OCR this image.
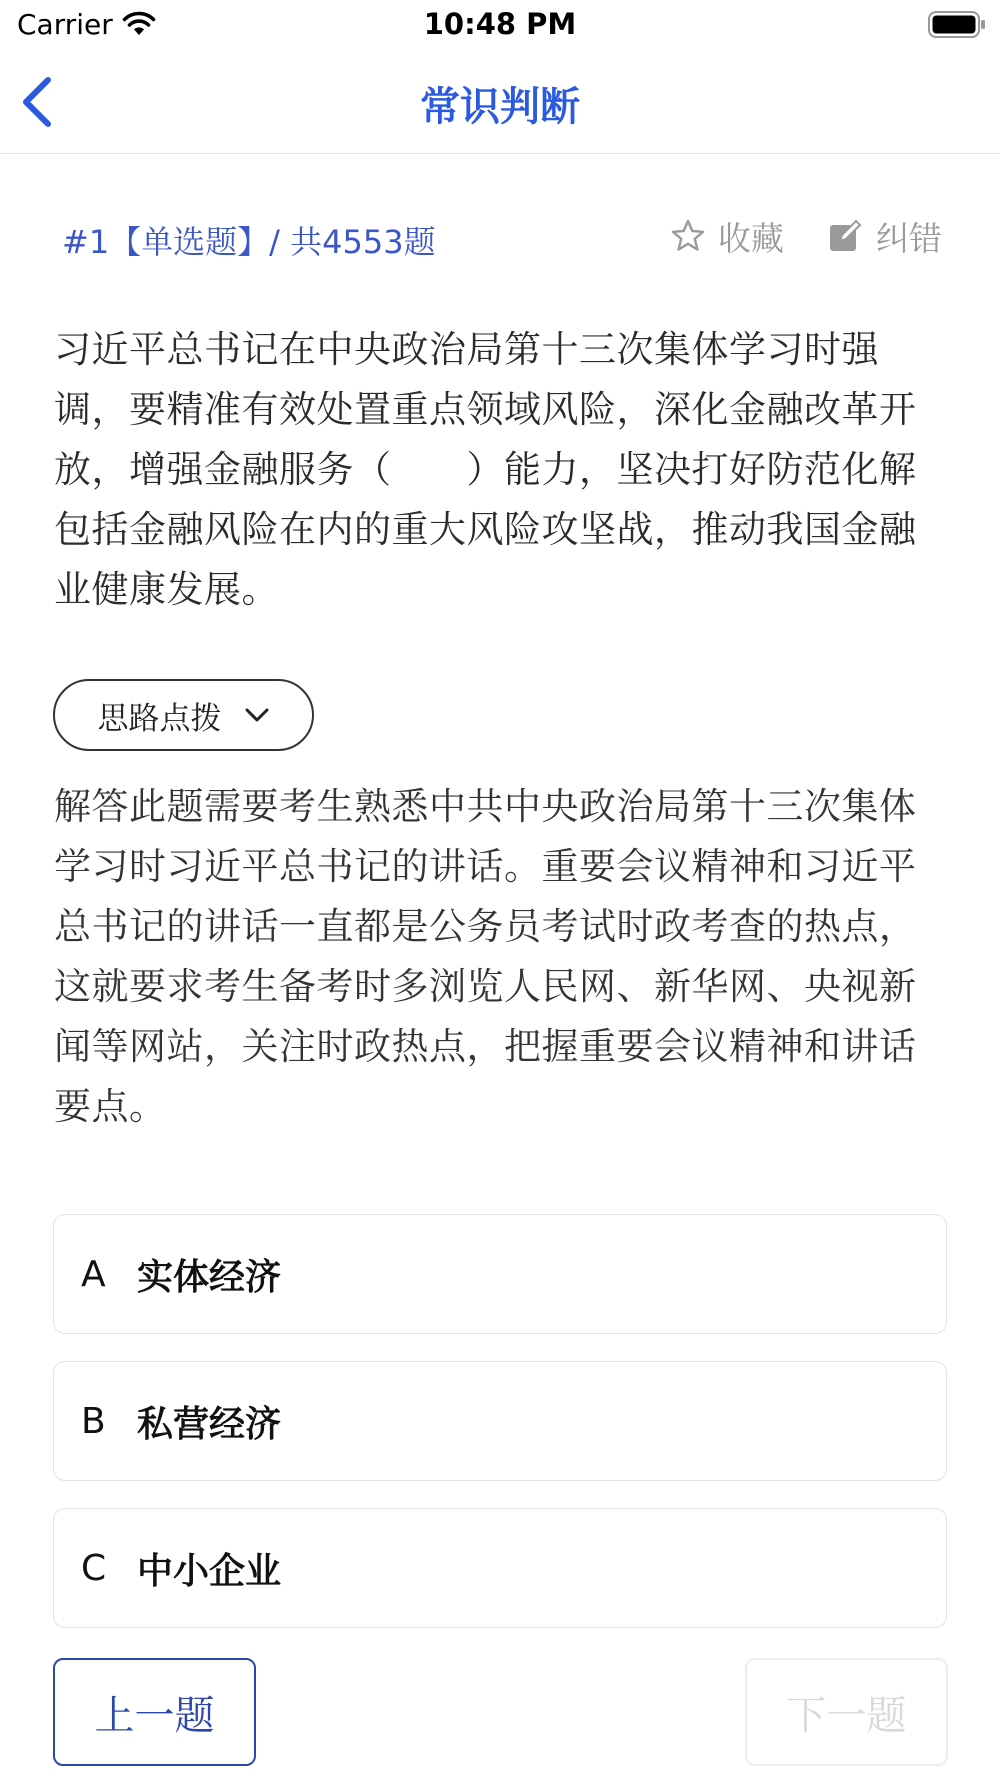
Carrier	10:48 PM
常识判断
#1【单选题】/ 共4553题	收藏	纠错
习近平总书记在中央政治局第十三次集体学习时强调，要精准有效处置重点领域风险，深化金融改革开放，增强金融服务（　　）能力，坚决打好防范化解包括金融风险在内的重大风险攻坚战，推动我国金融业健康发展。
思路点拨
解答此题需要考生熟悉中共中央政治局第十三次集体学习时习近平总书记的讲话。重要会议精神和习近平总书记的讲话一直都是公务员考试时政考查的热点，这就要求考生备考时多浏览人民网、新华网、央视新闻等网站，关注时政热点，把握重要会议精神和讲话要点。
A 实体经济
B 私营经济
C 中小企业
上一题	下一题
